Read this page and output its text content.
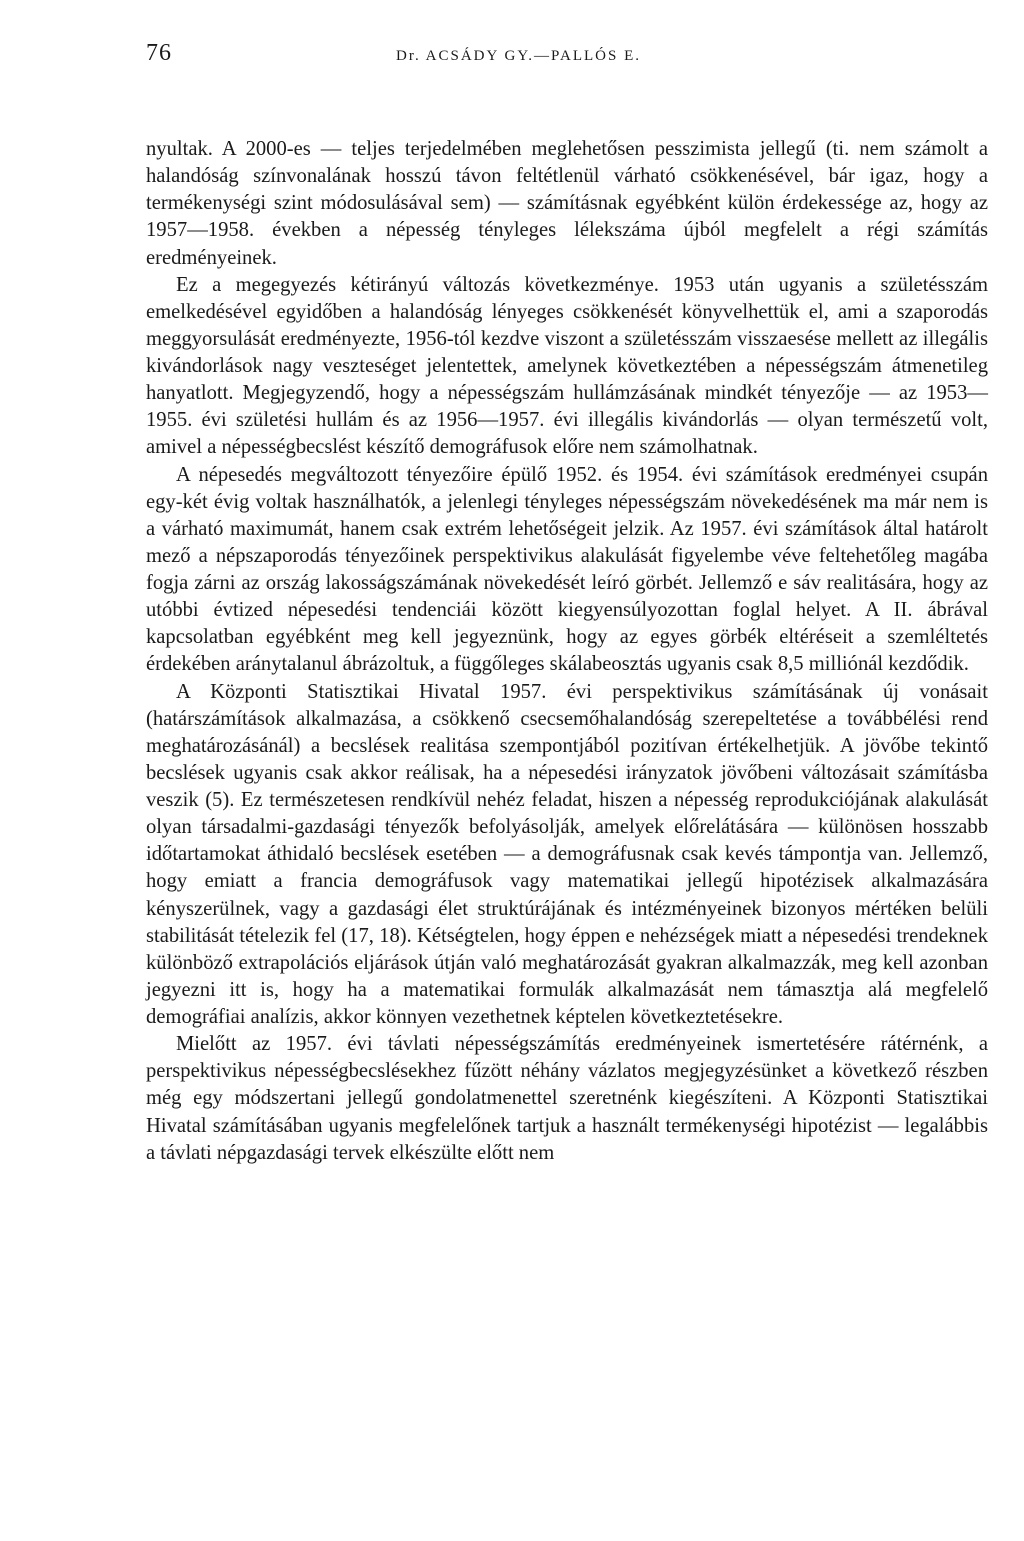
76	Dr. ACSÁDY GY.—PALLÓS E.

nyultak. A 2000-es — teljes terjedelmében meglehetősen pesszimista jellegű (ti. nem számolt a halandóság színvonalának hosszú távon feltétlenül várható csökkenésével, bár igaz, hogy a termékenységi szint módosulásával sem) — számításnak egyébként külön érdekessége az, hogy az 1957—1958. években a népesség tényleges lélekszáma újból megfelelt a régi számítás eredményeinek.

Ez a megegyezés kétirányú változás következménye. 1953 után ugyanis a születésszám emelkedésével egyidőben a halandóság lényeges csökkenését könyvelhettük el, ami a szaporodás meggyorsulását eredményezte, 1956-tól kezdve viszont a születésszám visszaesése mellett az illegális kivándorlások nagy veszteséget jelentettek, amelynek következtében a népességszám átmenetileg hanyatlott. Megjegyzendő, hogy a népességszám hullámzásának mindkét tényezője — az 1953—1955. évi születési hullám és az 1956—1957. évi illegális kivándorlás — olyan természetű volt, amivel a népességbecslést készítő demográfusok előre nem számolhatnak.

A népesedés megváltozott tényezőire épülő 1952. és 1954. évi számítások eredményei csupán egy-két évig voltak használhatók, a jelenlegi tényleges népességszám növekedésének ma már nem is a várható maximumát, hanem csak extrém lehetőségeit jelzik. Az 1957. évi számítások által határolt mező a népszaporodás tényezőinek perspektivikus alakulását figyelembe véve feltehetőleg magába fogja zárni az ország lakosságszámának növekedését leíró görbét. Jellemző e sáv realitására, hogy az utóbbi évtized népesedési tendenciái között kiegyensúlyozottan foglal helyet. A II. ábrával kapcsolatban egyébként meg kell jegyeznünk, hogy az egyes görbék eltéréseit a szemléltetés érdekében aránytalanul ábrázoltuk, a függőleges skálabeosztás ugyanis csak 8,5 milliónál kezdődik.

A Központi Statisztikai Hivatal 1957. évi perspektivikus számításának új vonásait (határszámítások alkalmazása, a csökkenő csecsemőhalandóság szerepeltetése a továbbélési rend meghatározásánál) a becslések realitása szempontjából pozitívan értékelhetjük. A jövőbe tekintő becslések ugyanis csak akkor reálisak, ha a népesedési irányzatok jövőbeni változásait számításba veszik (5). Ez természetesen rendkívül nehéz feladat, hiszen a népesség reprodukciójának alakulását olyan társadalmi-gazdasági tényezők befolyásolják, amelyek előrelátására — különösen hosszabb időtartamokat áthidaló becslések esetében — a demográfusnak csak kevés támpontja van. Jellemző, hogy emiatt a francia demográfusok vagy matematikai jellegű hipotézisek alkalmazására kényszerülnek, vagy a gazdasági élet struktúrájának és intézményeinek bizonyos mértéken belüli stabilitását tételezik fel (17, 18). Kétségtelen, hogy éppen e nehézségek miatt a népesedési trendeknek különböző extrapolációs eljárások útján való meghatározását gyakran alkalmazzák, meg kell azonban jegyezni itt is, hogy ha a matematikai formulák alkalmazását nem támasztja alá megfelelő demográfiai analízis, akkor könnyen vezethetnek képtelen következtetésekre.

Mielőtt az 1957. évi távlati népességszámítás eredményeinek ismertetésére rátérnénk, a perspektivikus népességbecslésekhez fűzött néhány vázlatos megjegyzésünket a következő részben még egy módszertani jellegű gondolatmenettel szeretnénk kiegészíteni. A Központi Statisztikai Hivatal számításában ugyanis megfelelőnek tartjuk a használt termékenységi hipotézist — legalábbis a távlati népgazdasági tervek elkészülte előtt nem
